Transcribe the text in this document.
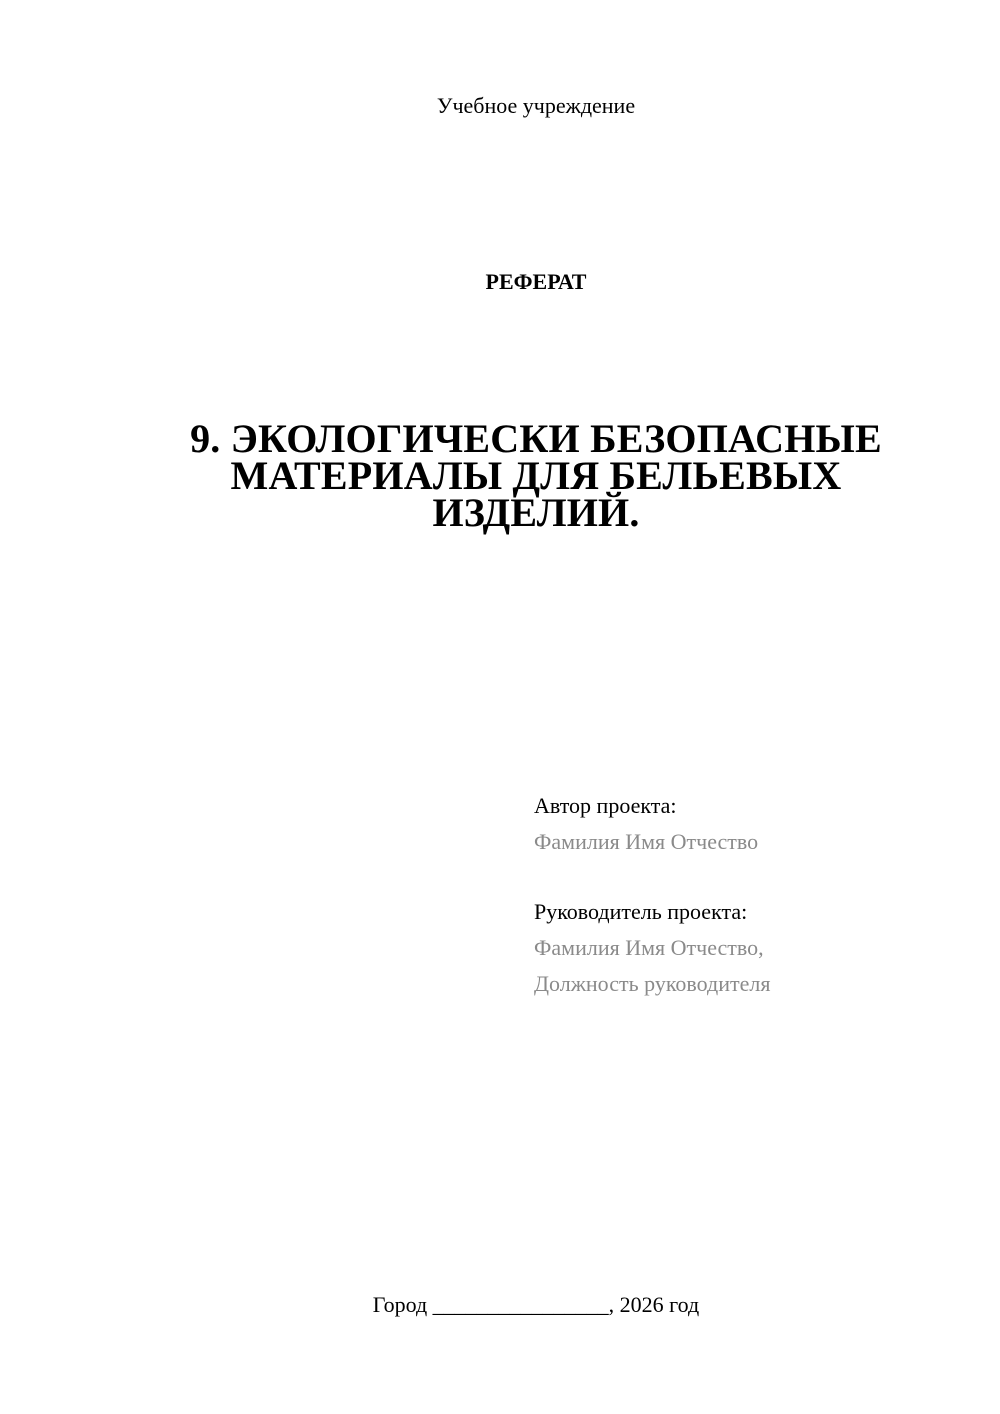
Учебное учреждение
РЕФЕРАТ
9. ЭКОЛОГИЧЕСКИ БЕЗОПАСНЫЕ
МАТЕРИАЛЫ ДЛЯ БЕЛЬЕВЫХ
ИЗДЕЛИЙ.
Автор проекта:
Фамилия Имя Отчество
Руководитель проекта:
Фамилия Имя Отчество,
Должность руководителя
Город ________________, 2026 год
